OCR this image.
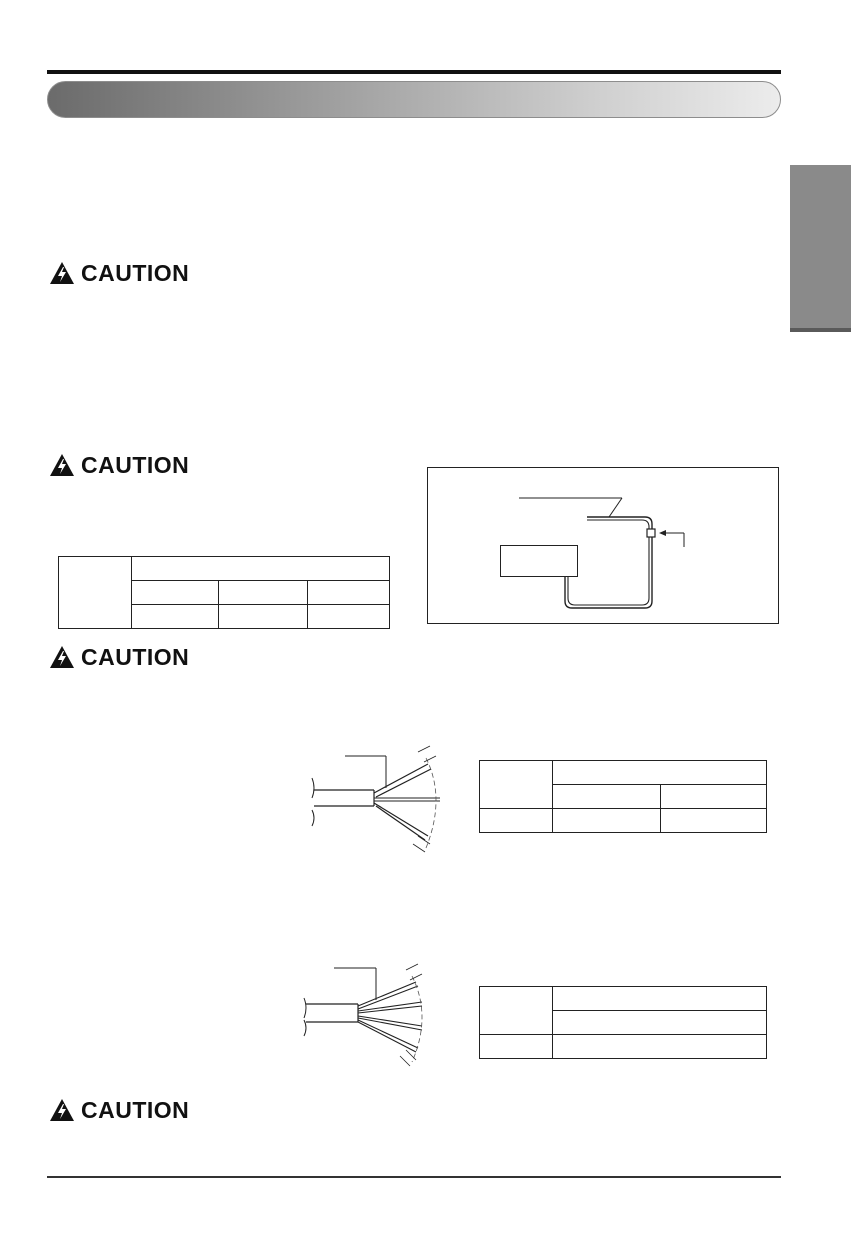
CAUTION
CAUTION

CAUTION

CAUTION
